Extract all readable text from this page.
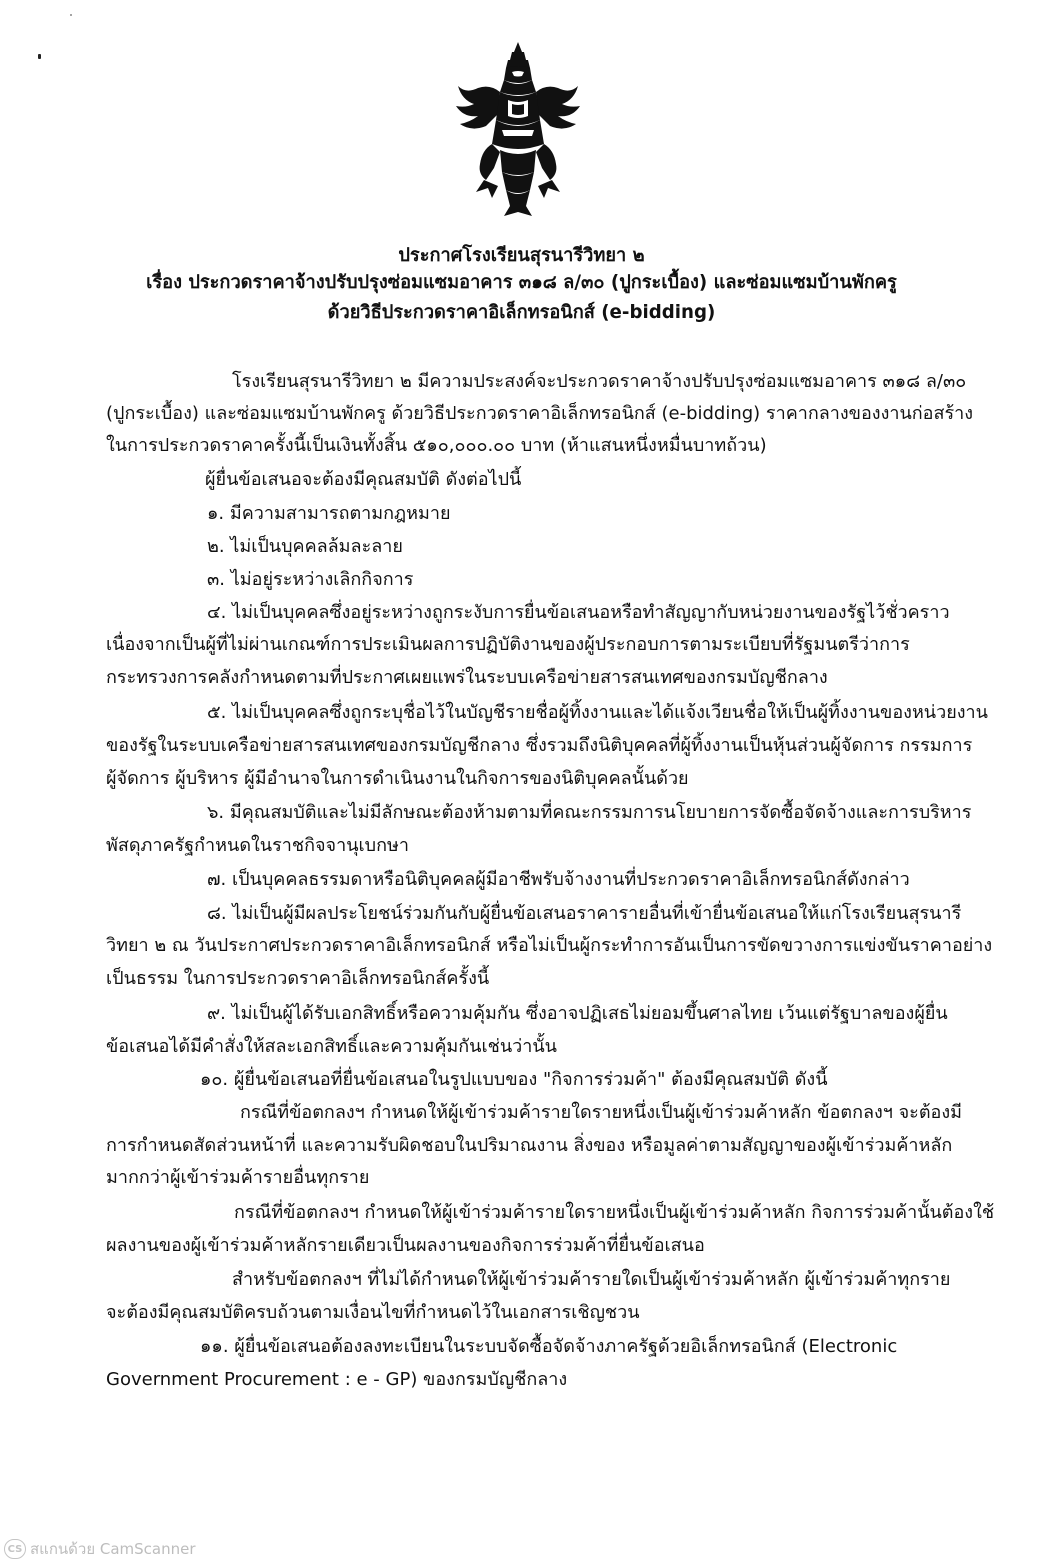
ประกาศโรงเรียนสุรนารีวิทยา ๒
เรื่อง ประกวดราคาจ้างปรับปรุงซ่อมแซมอาคาร ๓๑๘ ล/๓๐ (ปูกระเบื้อง) และซ่อมแซมบ้านพักครู
ด้วยวิธีประกวดราคาอิเล็กทรอนิกส์ (e-bidding)
โรงเรียนสุรนารีวิทยา ๒ มีความประสงค์จะประกวดราคาจ้างปรับปรุงซ่อมแซมอาคาร ๓๑๘ ล/๓๐
(ปูกระเบื้อง) และซ่อมแซมบ้านพักครู ด้วยวิธีประกวดราคาอิเล็กทรอนิกส์ (e-bidding) ราคากลางของงานก่อสร้าง
ในการประกวดราคาครั้งนี้เป็นเงินทั้งสิ้น ๕๑๐,๐๐๐.๐๐ บาท (ห้าแสนหนึ่งหมื่นบาทถ้วน)
ผู้ยื่นข้อเสนอจะต้องมีคุณสมบัติ ดังต่อไปนี้
๑. มีความสามารถตามกฎหมาย
๒. ไม่เป็นบุคคลล้มละลาย
๓. ไม่อยู่ระหว่างเลิกกิจการ
๔. ไม่เป็นบุคคลซึ่งอยู่ระหว่างถูกระงับการยื่นข้อเสนอหรือทำสัญญากับหน่วยงานของรัฐไว้ชั่วคราว
เนื่องจากเป็นผู้ที่ไม่ผ่านเกณฑ์การประเมินผลการปฏิบัติงานของผู้ประกอบการตามระเบียบที่รัฐมนตรีว่าการ
กระทรวงการคลังกำหนดตามที่ประกาศเผยแพร่ในระบบเครือข่ายสารสนเทศของกรมบัญชีกลาง
๕. ไม่เป็นบุคคลซึ่งถูกระบุชื่อไว้ในบัญชีรายชื่อผู้ทิ้งงานและได้แจ้งเวียนชื่อให้เป็นผู้ทิ้งงานของหน่วยงาน
ของรัฐในระบบเครือข่ายสารสนเทศของกรมบัญชีกลาง ซึ่งรวมถึงนิติบุคคลที่ผู้ทิ้งงานเป็นหุ้นส่วนผู้จัดการ กรรมการ
ผู้จัดการ ผู้บริหาร ผู้มีอำนาจในการดำเนินงานในกิจการของนิติบุคคลนั้นด้วย
๖. มีคุณสมบัติและไม่มีลักษณะต้องห้ามตามที่คณะกรรมการนโยบายการจัดซื้อจัดจ้างและการบริหาร
พัสดุภาครัฐกำหนดในราชกิจจานุเบกษา
๗. เป็นบุคคลธรรมดาหรือนิติบุคคลผู้มีอาชีพรับจ้างงานที่ประกวดราคาอิเล็กทรอนิกส์ดังกล่าว
๘. ไม่เป็นผู้มีผลประโยชน์ร่วมกันกับผู้ยื่นข้อเสนอราคารายอื่นที่เข้ายื่นข้อเสนอให้แก่โรงเรียนสุรนารี
วิทยา ๒ ณ วันประกาศประกวดราคาอิเล็กทรอนิกส์ หรือไม่เป็นผู้กระทำการอันเป็นการขัดขวางการแข่งขันราคาอย่าง
เป็นธรรม ในการประกวดราคาอิเล็กทรอนิกส์ครั้งนี้
๙. ไม่เป็นผู้ได้รับเอกสิทธิ์หรือความคุ้มกัน ซึ่งอาจปฏิเสธไม่ยอมขึ้นศาลไทย เว้นแต่รัฐบาลของผู้ยื่น
ข้อเสนอได้มีคำสั่งให้สละเอกสิทธิ์และความคุ้มกันเช่นว่านั้น
๑๐. ผู้ยื่นข้อเสนอที่ยื่นข้อเสนอในรูปแบบของ "กิจการร่วมค้า" ต้องมีคุณสมบัติ ดังนี้
กรณีที่ข้อตกลงฯ กำหนดให้ผู้เข้าร่วมค้ารายใดรายหนึ่งเป็นผู้เข้าร่วมค้าหลัก ข้อตกลงฯ จะต้องมี
การกำหนดสัดส่วนหน้าที่ และความรับผิดชอบในปริมาณงาน สิ่งของ หรือมูลค่าตามสัญญาของผู้เข้าร่วมค้าหลัก
มากกว่าผู้เข้าร่วมค้ารายอื่นทุกราย
กรณีที่ข้อตกลงฯ กำหนดให้ผู้เข้าร่วมค้ารายใดรายหนึ่งเป็นผู้เข้าร่วมค้าหลัก กิจการร่วมค้านั้นต้องใช้
ผลงานของผู้เข้าร่วมค้าหลักรายเดียวเป็นผลงานของกิจการร่วมค้าที่ยื่นข้อเสนอ
สำหรับข้อตกลงฯ ที่ไม่ได้กำหนดให้ผู้เข้าร่วมค้ารายใดเป็นผู้เข้าร่วมค้าหลัก ผู้เข้าร่วมค้าทุกราย
จะต้องมีคุณสมบัติครบถ้วนตามเงื่อนไขที่กำหนดไว้ในเอกสารเชิญชวน
๑๑. ผู้ยื่นข้อเสนอต้องลงทะเบียนในระบบจัดซื้อจัดจ้างภาครัฐด้วยอิเล็กทรอนิกส์ (Electronic
Government Procurement : e - GP) ของกรมบัญชีกลาง
CS สแกนด้วย CamScanner
